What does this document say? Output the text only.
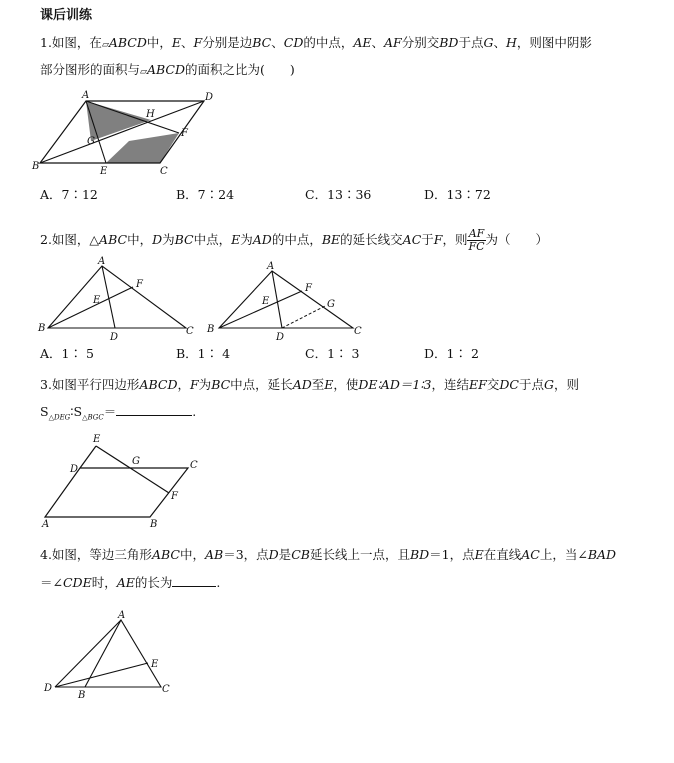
课后训练
1.如图，在▱ABCD中，E、F分别是边BC、CD的中点，AE、AF分别交BD于点G、H，则图中阴影
部分图形的面积与▱ABCD的面积之比为(　　)
A	D
B	E	C
F
G
H
A．7∶12	B．7∶24	C．13∶36	D．13∶72
2.如图，△ABC中，D为BC中点，E为AD的中点，BE的延长线交AC于F，则 $\frac{AF}{FC}$ 为（　　）
A
B	C
D
E
F
A
B	C
D
E
F
G
A．1∶ 5	B．1∶ 4	C．1∶ 3	D．1∶ 2
3.如图平行四边形ABCD，F为BC中点，延长AD至E，使DE∶AD＝1∶3，连结EF交DC于点G，则
$S_{\triangle DEG}∶S_{\triangle BGC}=$	.
E
D
G	C
F
A	B
4.如图，等边三角形ABC中，AB＝3，点D是CB延长线上一点，且BD＝1，点E在直线AC上，当∠BAD
＝∠CDE时，AE的长为	.
A
D
B
C
E
